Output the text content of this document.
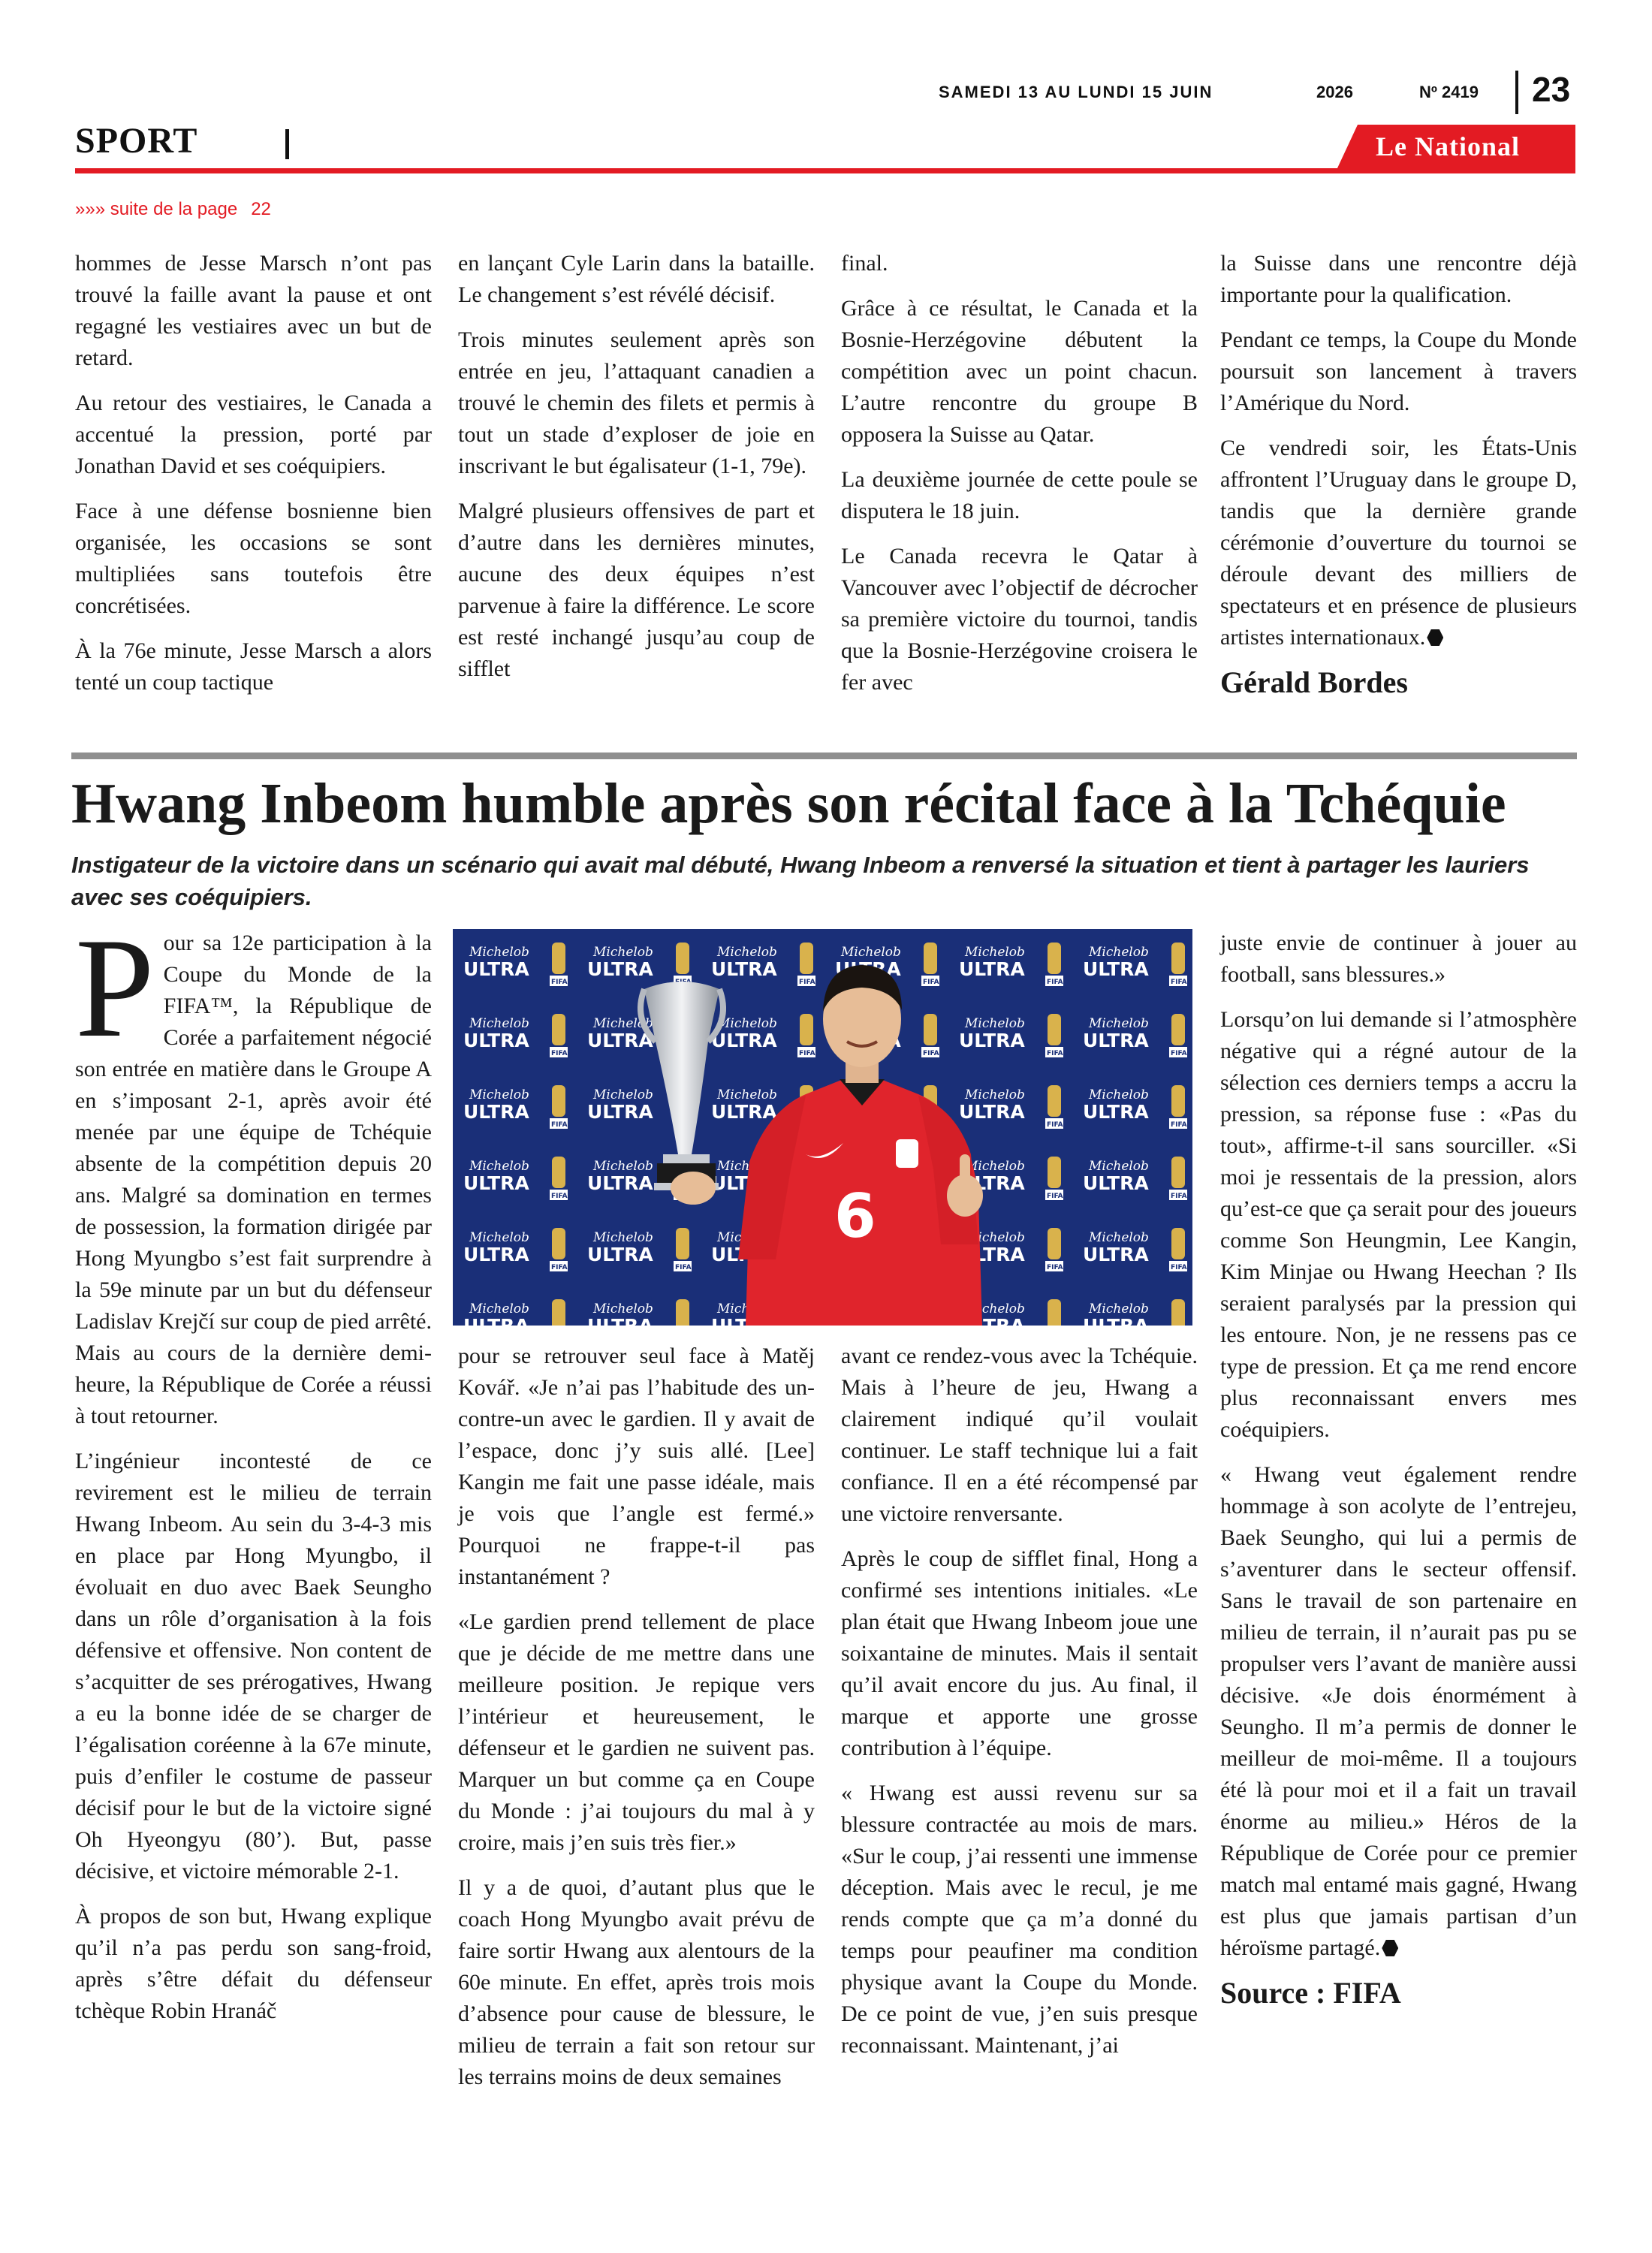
SAMEDI 13 AU LUNDI 15 JUIN	2026	Nº 2419 23
SPORT	Le National
»»» suite de la page 22

hommes de Jesse Marsch n’ont pas trouvé la faille avant la pause et ont regagné les vestiaires avec un but de retard.

Au retour des vestiaires, le Canada a accentué la pression, porté par Jonathan David et ses coéquipiers.

Face à une défense bosnienne bien organisée, les occasions se sont multipliées sans toutefois être concrétisées.

À la 76e minute, Jesse Marsch a alors tenté un coup tactique

en lançant Cyle Larin dans la bataille. Le changement s’est révélé décisif.

Trois minutes seulement après son entrée en jeu, l’attaquant canadien a trouvé le chemin des filets et permis à tout un stade d’exploser de joie en inscrivant le but égalisateur (1-1, 79e).

Malgré plusieurs offensives de part et d’autre dans les dernières minutes, aucune des deux équipes n’est parvenue à faire la différence. Le score est resté inchangé jusqu’au coup de sifflet

final.

Grâce à ce résultat, le Canada et la Bosnie-Herzégovine débutent la compétition avec un point chacun. L’autre rencontre du groupe B opposera la Suisse au Qatar.

La deuxième journée de cette poule se disputera le 18 juin.

Le Canada recevra le Qatar à Vancouver avec l’objectif de décrocher sa première victoire du tournoi, tandis que la Bosnie-Herzégovine croisera le fer avec

la Suisse dans une rencontre déjà importante pour la qualification.

Pendant ce temps, la Coupe du Monde poursuit son lancement à travers l’Amérique du Nord.

Ce vendredi soir, les États-Unis affrontent l’Uruguay dans le groupe D, tandis que la dernière grande cérémonie d’ouverture du tournoi se déroule devant des milliers de spectateurs et en présence de plusieurs artistes internationaux.

Gérald Bordes
Hwang Inbeom humble après son récital face à la Tchéquie
Instigateur de la victoire dans un scénario qui avait mal débuté, Hwang Inbeom a renversé la situation et tient à partager les lauriers avec ses coéquipiers.

Pour sa 12e participation à la Coupe du Monde de la FIFA™, la République de Corée a parfaitement négocié son entrée en matière dans le Groupe A en s’imposant 2-1, après avoir été menée par une équipe de Tchéquie absente de la compétition depuis 20 ans. Malgré sa domination en termes de possession, la formation dirigée par Hong Myungbo s’est fait surprendre à la 59e minute par un but du défenseur Ladislav Krejčí sur coup de pied arrêté. Mais au cours de la dernière demi-heure, la République de Corée a réussi à tout retourner.

L’ingénieur incontesté de ce revirement est le milieu de terrain Hwang Inbeom. Au sein du 3-4-3 mis en place par Hong Myungbo, il évoluait en duo avec Baek Seungho dans un rôle d’organisation à la fois défensive et offensive. Non content de s’acquitter de ses prérogatives, Hwang a eu la bonne idée de se charger de l’égalisation coréenne à la 67e minute, puis d’enfiler le costume de passeur décisif pour le but de la victoire signé Oh Hyeongyu (80’). But, passe décisive, et victoire mémorable 2-1.

À propos de son but, Hwang explique qu’il n’a pas perdu son sang-froid, après s’être défait du défenseur tchèque Robin Hranáč

6

pour se retrouver seul face à Matěj Kovář. «Je n’ai pas l’habitude des un-contre-un avec le gardien. Il y avait de l’espace, donc j’y suis allé. [Lee] Kangin me fait une passe idéale, mais je vois que l’angle est fermé.» Pourquoi ne frappe-t-il pas instantanément ?

«Le gardien prend tellement de place que je décide de me mettre dans une meilleure position. Je repique vers l’intérieur et heureusement, le défenseur et le gardien ne suivent pas. Marquer un but comme ça en Coupe du Monde : j’ai toujours du mal à y croire, mais j’en suis très fier.»

Il y a de quoi, d’autant plus que le coach Hong Myungbo avait prévu de faire sortir Hwang aux alentours de la 60e minute. En effet, après trois mois d’absence pour cause de blessure, le milieu de terrain a fait son retour sur les terrains moins de deux semaines

avant ce rendez-vous avec la Tchéquie. Mais à l’heure de jeu, Hwang a clairement indiqué qu’il voulait continuer. Le staff technique lui a fait confiance. Il en a été récompensé par une victoire renversante.

Après le coup de sifflet final, Hong a confirmé ses intentions initiales. «Le plan était que Hwang Inbeom joue une soixantaine de minutes. Mais il sentait qu’il avait encore du jus. Au final, il marque et apporte une grosse contribution à l’équipe.

« Hwang est aussi revenu sur sa blessure contractée au mois de mars. «Sur le coup, j’ai ressenti une immense déception. Mais avec le recul, je me rends compte que ça m’a donné du temps pour peaufiner ma condition physique avant la Coupe du Monde. De ce point de vue, j’en suis presque reconnaissant. Maintenant, j’ai

juste envie de continuer à jouer au football, sans blessures.»

Lorsqu’on lui demande si l’atmosphère négative qui a régné autour de la sélection ces derniers temps a accru la pression, sa réponse fuse : «Pas du tout», affirme-t-il sans sourciller. «Si moi je ressentais de la pression, alors qu’est-ce que ça serait pour des joueurs comme Son Heungmin, Lee Kangin, Kim Minjae ou Hwang Heechan ? Ils seraient paralysés par la pression qui les entoure. Non, je ne ressens pas ce type de pression. Et ça me rend encore plus reconnaissant envers mes coéquipiers.

« Hwang veut également rendre hommage à son acolyte de l’entrejeu, Baek Seungho, qui lui a permis de s’aventurer dans le secteur offensif. Sans le travail de son partenaire en milieu de terrain, il n’aurait pas pu se propulser vers l’avant de manière aussi décisive. «Je dois énormément à Seungho. Il m’a permis de donner le meilleur de moi-même. Il a toujours été là pour moi et il a fait un travail énorme au milieu.» Héros de la République de Corée pour ce premier match mal entamé mais gagné, Hwang est plus que jamais partisan d’un héroïsme partagé.

Source : FIFA
